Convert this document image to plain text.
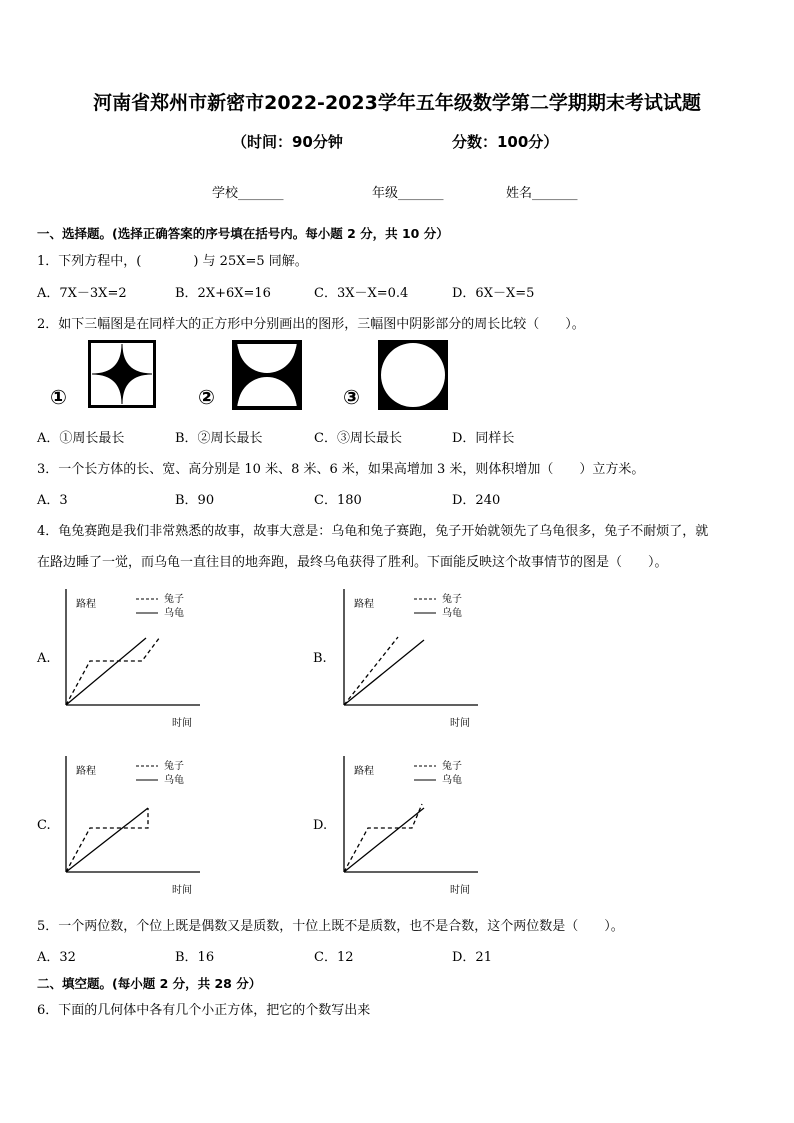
河南省郑州市新密市2022-2023学年五年级数学第二学期期末考试试题
（时间：90分钟	分数：100分）
学校_______	年级_______	姓名_______
一、选择题。(选择正确答案的序号填在括号内。每小题 2 分，共 10 分）
1．下列方程中，(　　　　) 与 25X=5 同解。
A．7X－3X=2	B．2X+6X=16	C．3X－X=0.4	D．6X－X=5
2．如下三幅图是在同样大的正方形中分别画出的图形，三幅图中阴影部分的周长比较（　　）。
①	②	③
A．①周长最长	B．②周长最长	C．③周长最长	D．同样长
3．一个长方体的长、宽、高分别是 10 米、8 米、6 米，如果高增加 3 米，则体积增加（　　）立方米。
A．3	B．90	C．180	D．240
4．龟兔赛跑是我们非常熟悉的故事，故事大意是：乌龟和兔子赛跑，兔子开始就领先了乌龟很多，兔子不耐烦了，就
在路边睡了一觉，而乌龟一直往目的地奔跑，最终乌龟获得了胜利。下面能反映这个故事情节的图是（　　）。
A.
路程
时间
兔子
乌龟
B.
路程
时间
兔子
乌龟
C.
路程
时间
兔子
乌龟
D.
路程
时间
兔子
乌龟
5．一个两位数，个位上既是偶数又是质数，十位上既不是质数，也不是合数，这个两位数是（　　）。
A．32	B．16	C．12	D．21
二、填空题。(每小题 2 分，共 28 分）
6．下面的几何体中各有几个小正方体，把它的个数写出来
